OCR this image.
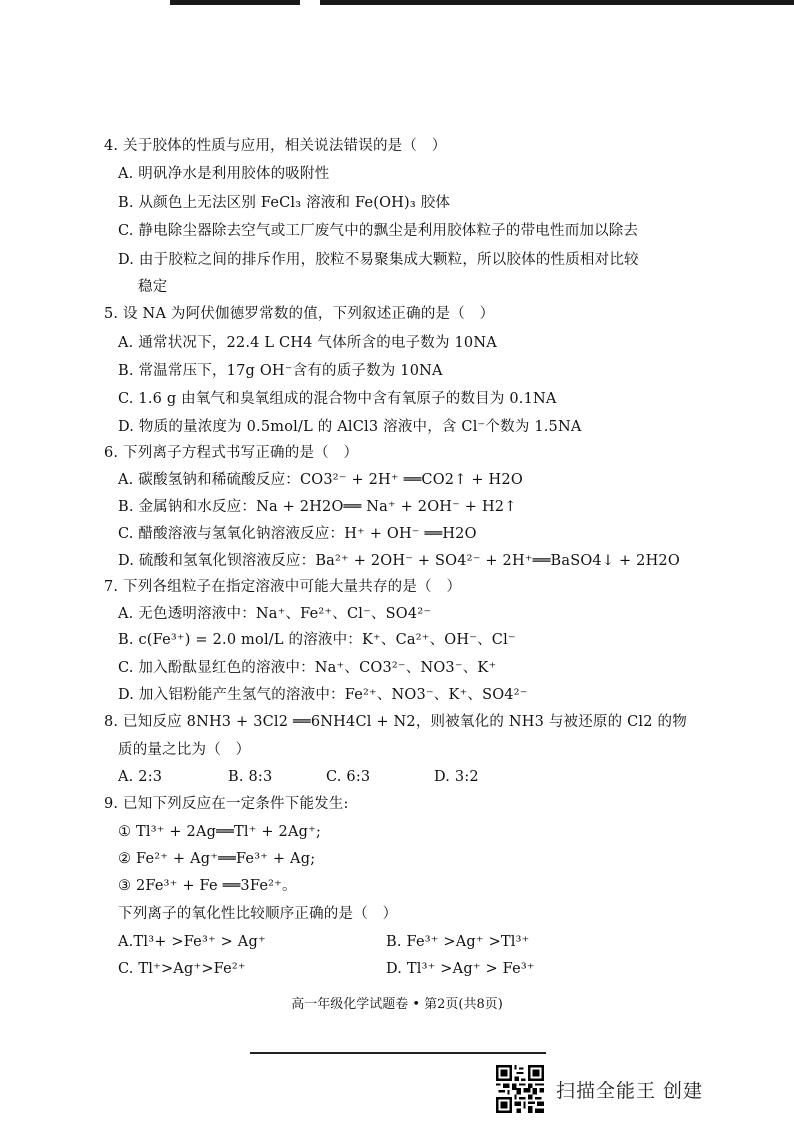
4. 关于胶体的性质与应用，相关说法错误的是（　）
A. 明矾净水是利用胶体的吸附性
B. 从颜色上无法区别 FeCl₃ 溶液和 Fe(OH)₃ 胶体
C. 静电除尘器除去空气或工厂废气中的飘尘是利用胶体粒子的带电性而加以除去
D. 由于胶粒之间的排斥作用，胶粒不易聚集成大颗粒，所以胶体的性质相对比较
稳定
5. 设 NA 为阿伏伽德罗常数的值，下列叙述正确的是（　）
A. 通常状况下，22.4 L CH4 气体所含的电子数为 10NA
B. 常温常压下，17g OH⁻含有的质子数为 10NA
C. 1.6 g 由氧气和臭氧组成的混合物中含有氧原子的数目为 0.1NA
D. 物质的量浓度为 0.5mol/L 的 AlCl3 溶液中，含 Cl⁻个数为 1.5NA
6. 下列离子方程式书写正确的是（　）
A. 碳酸氢钠和稀硫酸反应：CO3²⁻ + 2H⁺ ══CO2↑ + H2O
B. 金属钠和水反应：Na + 2H2O══ Na⁺ + 2OH⁻ + H2↑
C. 醋酸溶液与氢氧化钠溶液反应：H⁺ + OH⁻ ══H2O
D. 硫酸和氢氧化钡溶液反应：Ba²⁺ + 2OH⁻ + SO4²⁻ + 2H⁺══BaSO4↓ + 2H2O
7. 下列各组粒子在指定溶液中可能大量共存的是（　）
A. 无色透明溶液中：Na⁺、Fe²⁺、Cl⁻、SO4²⁻
B. c(Fe³⁺) = 2.0 mol/L 的溶液中：K⁺、Ca²⁺、OH⁻、Cl⁻
C. 加入酚酞显红色的溶液中：Na⁺、CO3²⁻、NO3⁻、K⁺
D. 加入铝粉能产生氢气的溶液中：Fe²⁺、NO3⁻、K⁺、SO4²⁻
8. 已知反应 8NH3 + 3Cl2 ══6NH4Cl + N2，则被氧化的 NH3 与被还原的 Cl2 的物
质的量之比为（　）
A. 2:3	B. 8:3	C. 6:3	D. 3:2
9. 已知下列反应在一定条件下能发生:
① Tl³⁺ + 2Ag══Tl⁺ + 2Ag⁺;
② Fe²⁺ + Ag⁺══Fe³⁺ + Ag;
③ 2Fe³⁺ + Fe ══3Fe²⁺。
下列离子的氧化性比较顺序正确的是（　）
A.Tl³+ >Fe³⁺ > Ag⁺	B. Fe³⁺ >Ag⁺ >Tl³⁺
C. Tl⁺>Ag⁺>Fe²⁺	D. Tl³⁺ >Ag⁺ > Fe³⁺
高一年级化学试题卷 • 第2页(共8页)
扫描全能王 创建
